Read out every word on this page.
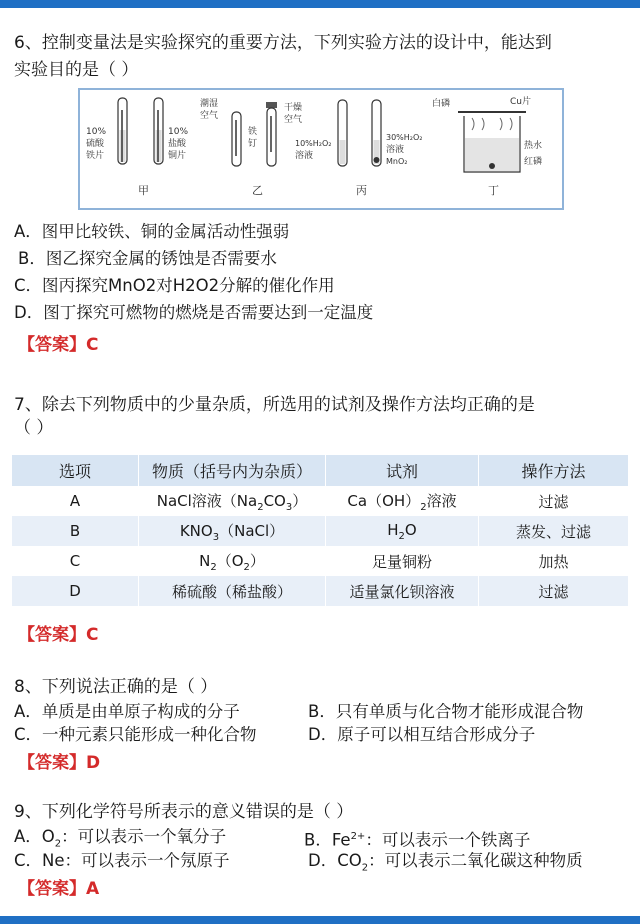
6、控制变量法是实验探究的重要方法，下列实验方法的设计中，能达到
实验目的是（ ）
10%
硫酸
铁片
10%
盐酸
铜片
甲
潮湿
空气
铁
钉
干燥
空气
乙
10%H₂O₂
溶液
30%H₂O₂
溶液
MnO₂
丙
白磷	Cu片
热水
红磷
丁
A．图甲比较铁、铜的金属活动性强弱
B．图乙探究金属的锈蚀是否需要水
C．图丙探究MnO2对H2O2分解的催化作用
D．图丁探究可燃物的燃烧是否需要达到一定温度
【答案】C
7、除去下列物质中的少量杂质，所选用的试剂及操作方法均正确的是
（ ）
选项	物质（括号内为杂质）	试剂	操作方法
A	NaCl溶液$(Na_2CO_3)$	$Ca(OH)_2$溶液	过滤
B	$KNO_3(NaCl)$	$H_2O$	蒸发、过滤
C	$N_2(O_2)$	足量铜粉	加热
D	稀硫酸（稀盐酸）	适量氯化钡溶液	过滤
【答案】C
8、下列说法正确的是（ ）
A．单质是由单原子构成的分子	B．只有单质与化合物才能形成混合物
C．一种元素只能形成一种化合物	D．原子可以相互结合形成分子
【答案】D
9、下列化学符号所表示的意义错误的是（ ）
A．$O_2$：可以表示一个氧分子	B．$Fe^{2+}$：可以表示一个铁离子
C．Ne：可以表示一个氖原子	D．$CO_2$：可以表示二氧化碳这种物质
【答案】A
